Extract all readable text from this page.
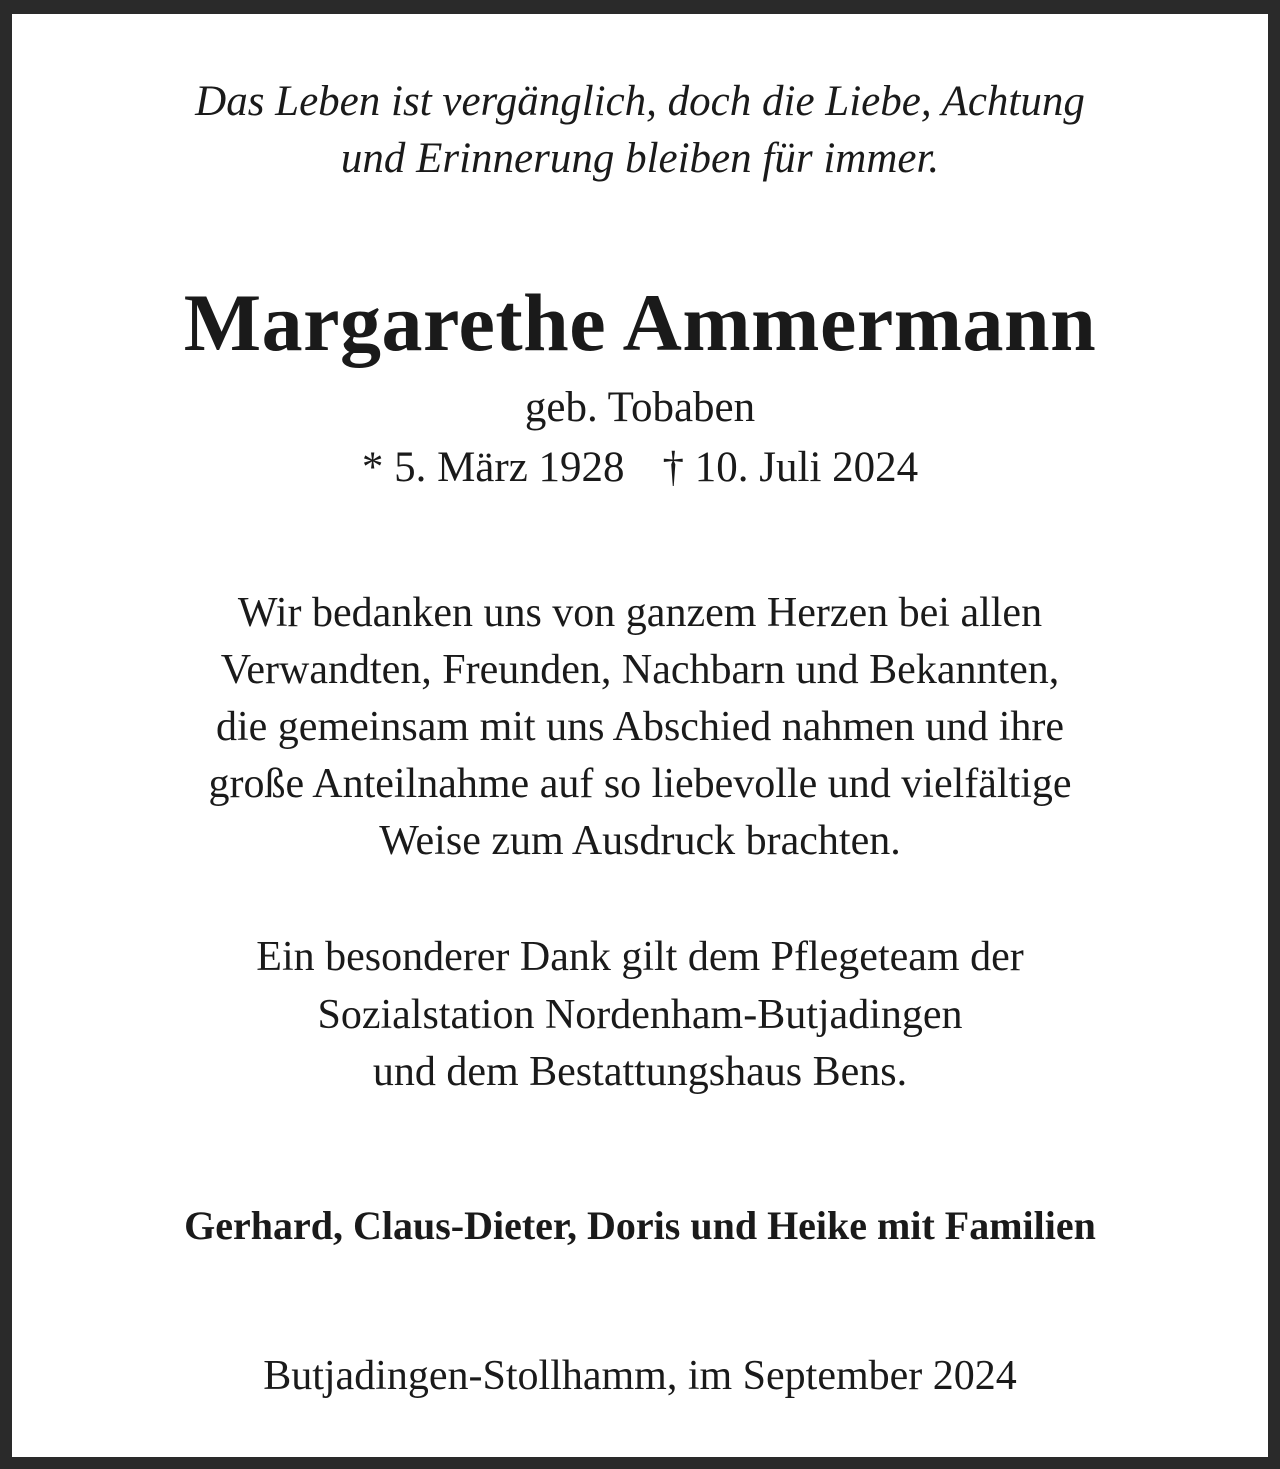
Das Leben ist vergänglich, doch die Liebe, Achtung
und Erinnerung bleiben für immer.
Margarethe Ammermann
geb. Tobaben
* 5. März 1928 † 10. Juli 2024
Wir bedanken uns von ganzem Herzen bei allen
Verwandten, Freunden, Nachbarn und Bekannten,
die gemeinsam mit uns Abschied nahmen und ihre
große Anteilnahme auf so liebevolle und vielfältige
Weise zum Ausdruck brachten.
Ein besonderer Dank gilt dem Pflegeteam der
Sozialstation Nordenham-Butjadingen
und dem Bestattungshaus Bens.
Gerhard, Claus-Dieter, Doris und Heike mit Familien
Butjadingen-Stollhamm, im September 2024
